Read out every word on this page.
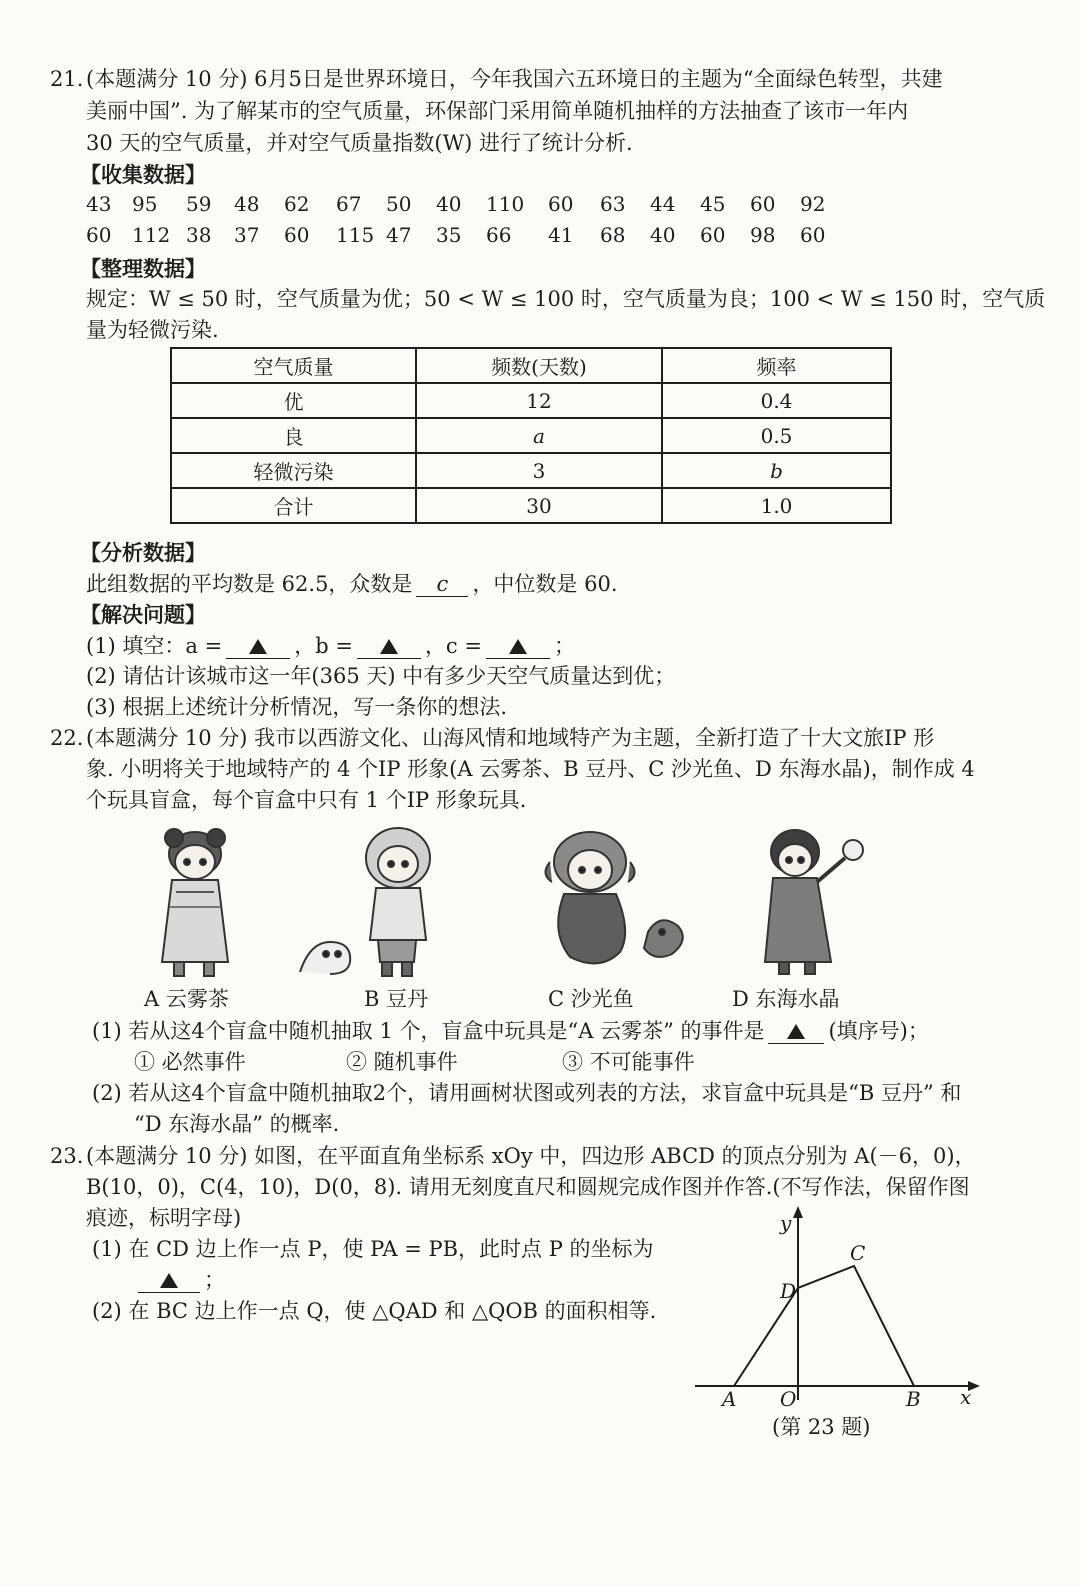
21. (本题满分 10 分) 6月5日是世界环境日，今年我国六五环境日的主题为“全面绿色转型，共建
美丽中国”. 为了解某市的空气质量，环保部门采用简单随机抽样的方法抽查了该市一年内
30 天的空气质量，并对空气质量指数(W) 进行了统计分析.
【收集数据】
43 95 59 48 62 67 50 40 110 60 63 44 45 60 92
60 112 38 37 60 115 47 35 66 41 68 40 60 98 60
【整理数据】
规定：W ≤ 50 时，空气质量为优；50 < W ≤ 100 时，空气质量为良；100 < W ≤ 150 时，空气质
量为轻微污染.
空气质量	频数(天数)	频率
优	12	0.4
良	a	0.5
轻微污染	3	b
合计	30	1.0
【分析数据】
此组数据的平均数是 62.5，众数是 c ，中位数是 60.
【解决问题】
(1) 填空：a =	，b =	，c =	；
(2) 请估计该城市这一年(365 天) 中有多少天空气质量达到优；
(3) 根据上述统计分析情况，写一条你的想法.
22. (本题满分 10 分) 我市以西游文化、山海风情和地域特产为主题，全新打造了十大文旅IP 形
象. 小明将关于地域特产的 4 个IP 形象(A 云雾茶、B 豆丹、C 沙光鱼、D 东海水晶)，制作成 4
个玩具盲盒，每个盲盒中只有 1 个IP 形象玩具.
A 云雾茶	B 豆丹	C 沙光鱼	D 东海水晶
(1) 若从这4个盲盒中随机抽取 1 个，盲盒中玩具是“A 云雾茶” 的事件是	(填序号)；
① 必然事件	② 随机事件	③ 不可能事件
(2) 若从这4个盲盒中随机抽取2个，请用画树状图或列表的方法，求盲盒中玩具是“B 豆丹” 和
“D 东海水晶” 的概率.
23. (本题满分 10 分) 如图，在平面直角坐标系 xOy 中，四边形 ABCD 的顶点分别为 A(－6，0)，
B(10，0)，C(4，10)，D(0，8). 请用无刻度直尺和圆规完成作图并作答.(不写作法，保留作图
痕迹，标明字母)
(1) 在 CD 边上作一点 P，使 PA = PB，此时点 P 的坐标为
；
(2) 在 BC 边上作一点 Q，使 △QAD 和 △QOB 的面积相等.
y
x
A O	B
C
D
(第 23 题)
